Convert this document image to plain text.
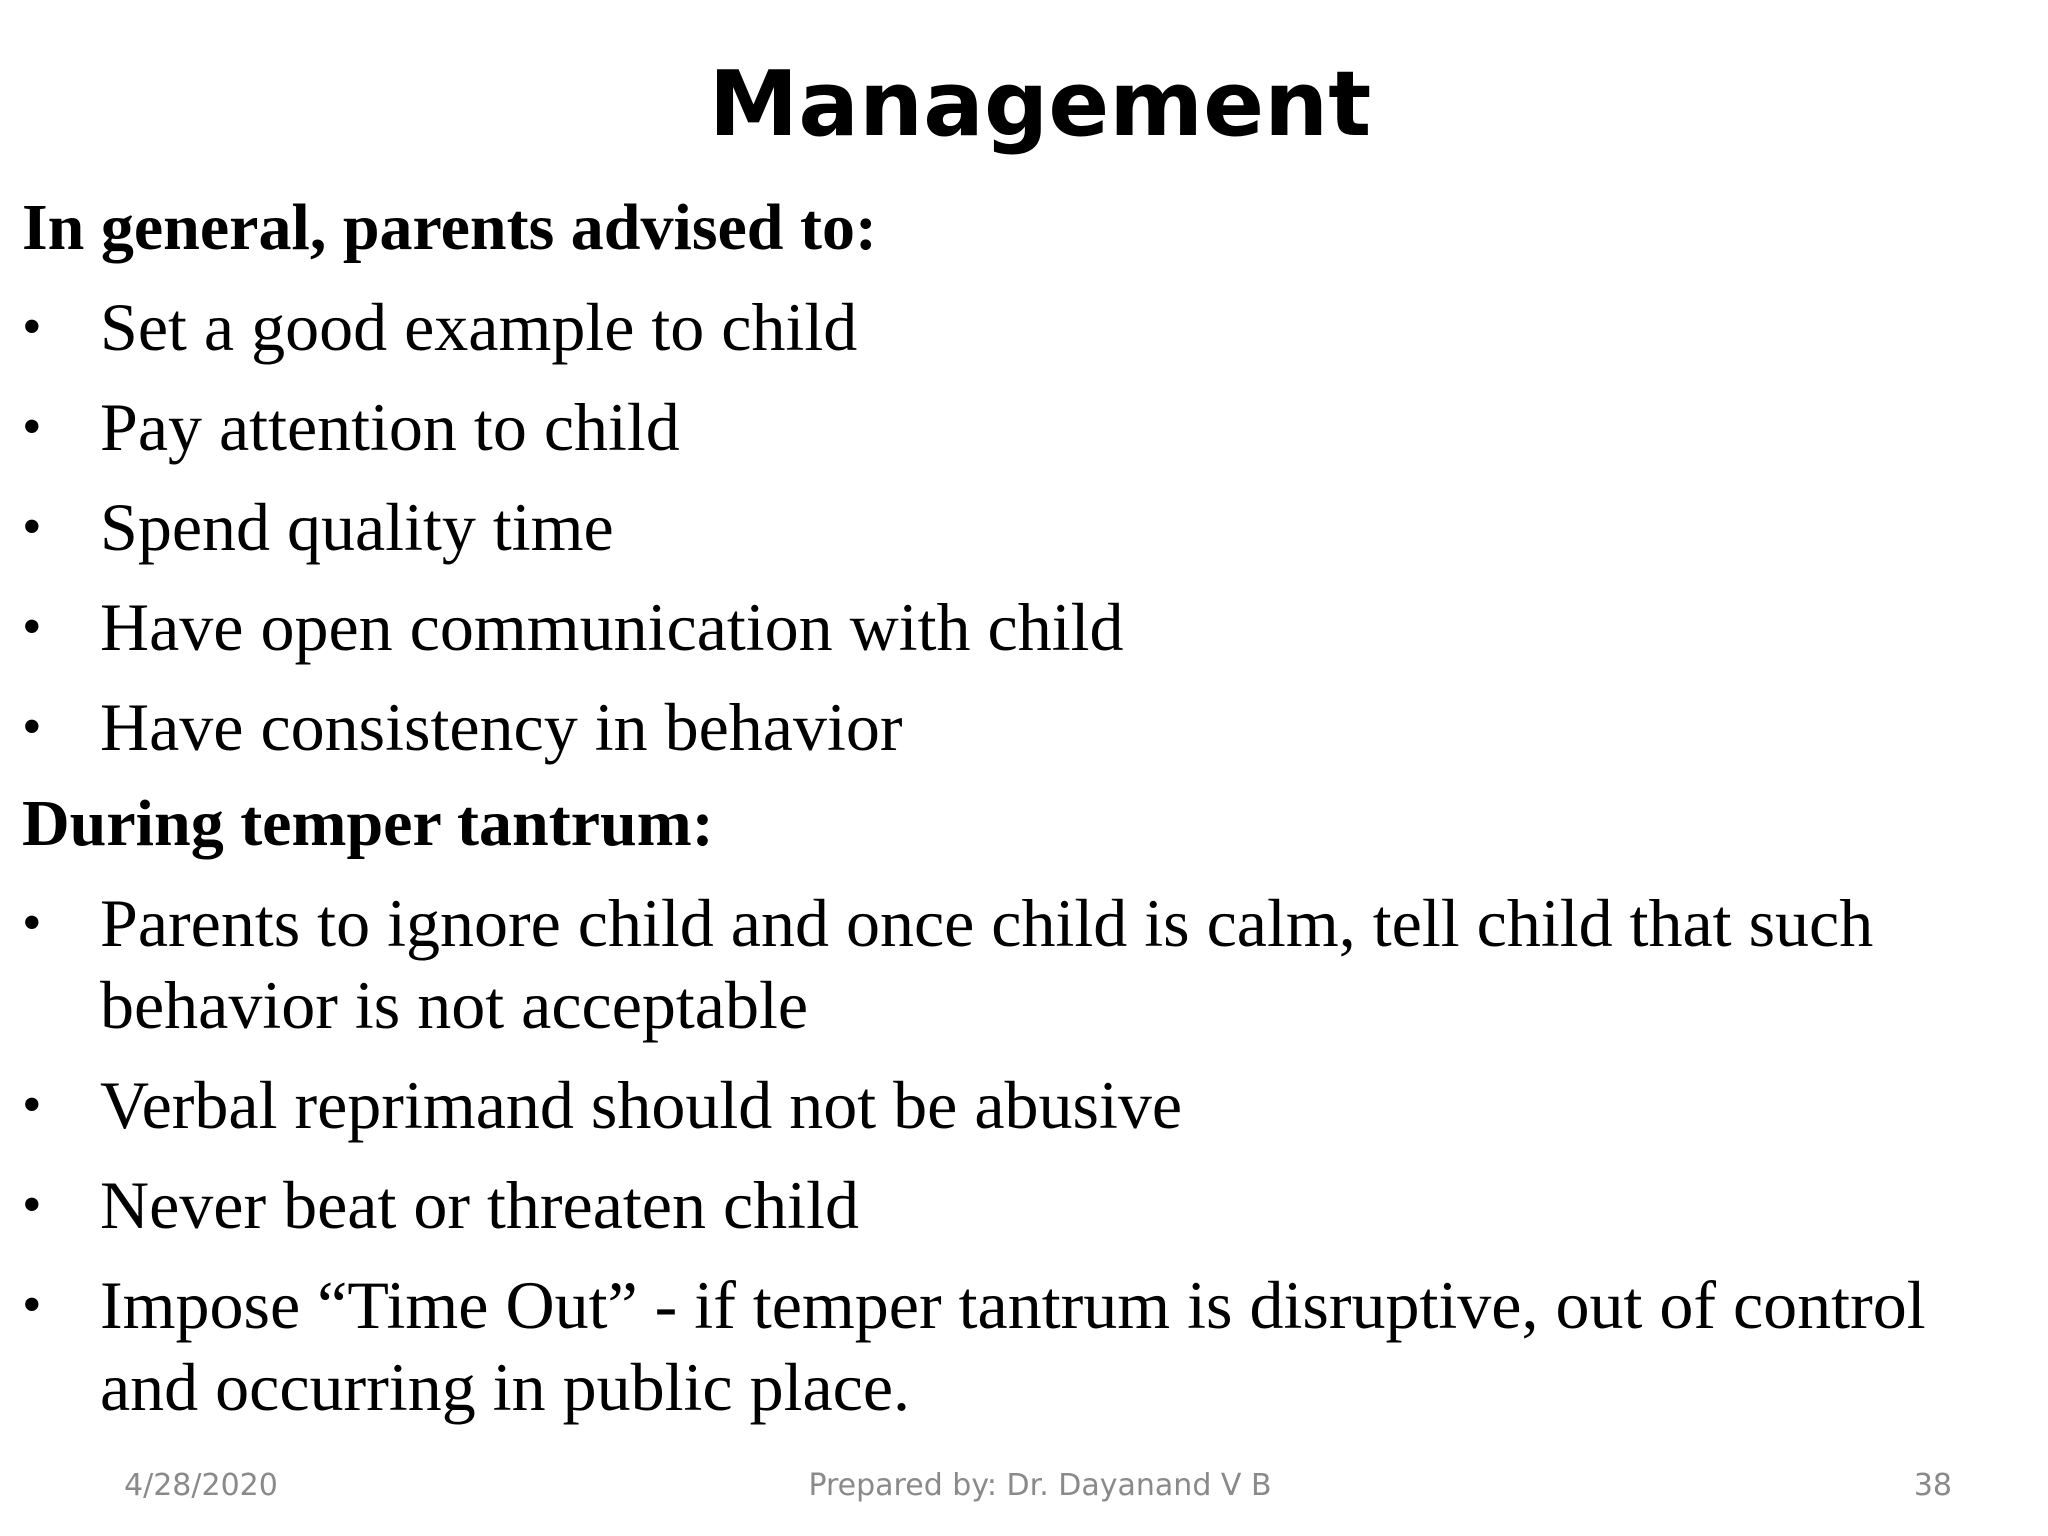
Management

In general, parents advised to:

• Set a good example to child
• Pay attention to child
• Spend quality time
• Have open communication with child
• Have consistency in behavior

During temper tantrum:

• Parents to ignore child and once child is calm, tell child that such behavior is not acceptable
• Verbal reprimand should not be abusive
• Never beat or threaten child
• Impose “Time Out” - if temper tantrum is disruptive, out of control and occurring in public place.
4/28/2020	Prepared by: Dr. Dayanand V B	38
